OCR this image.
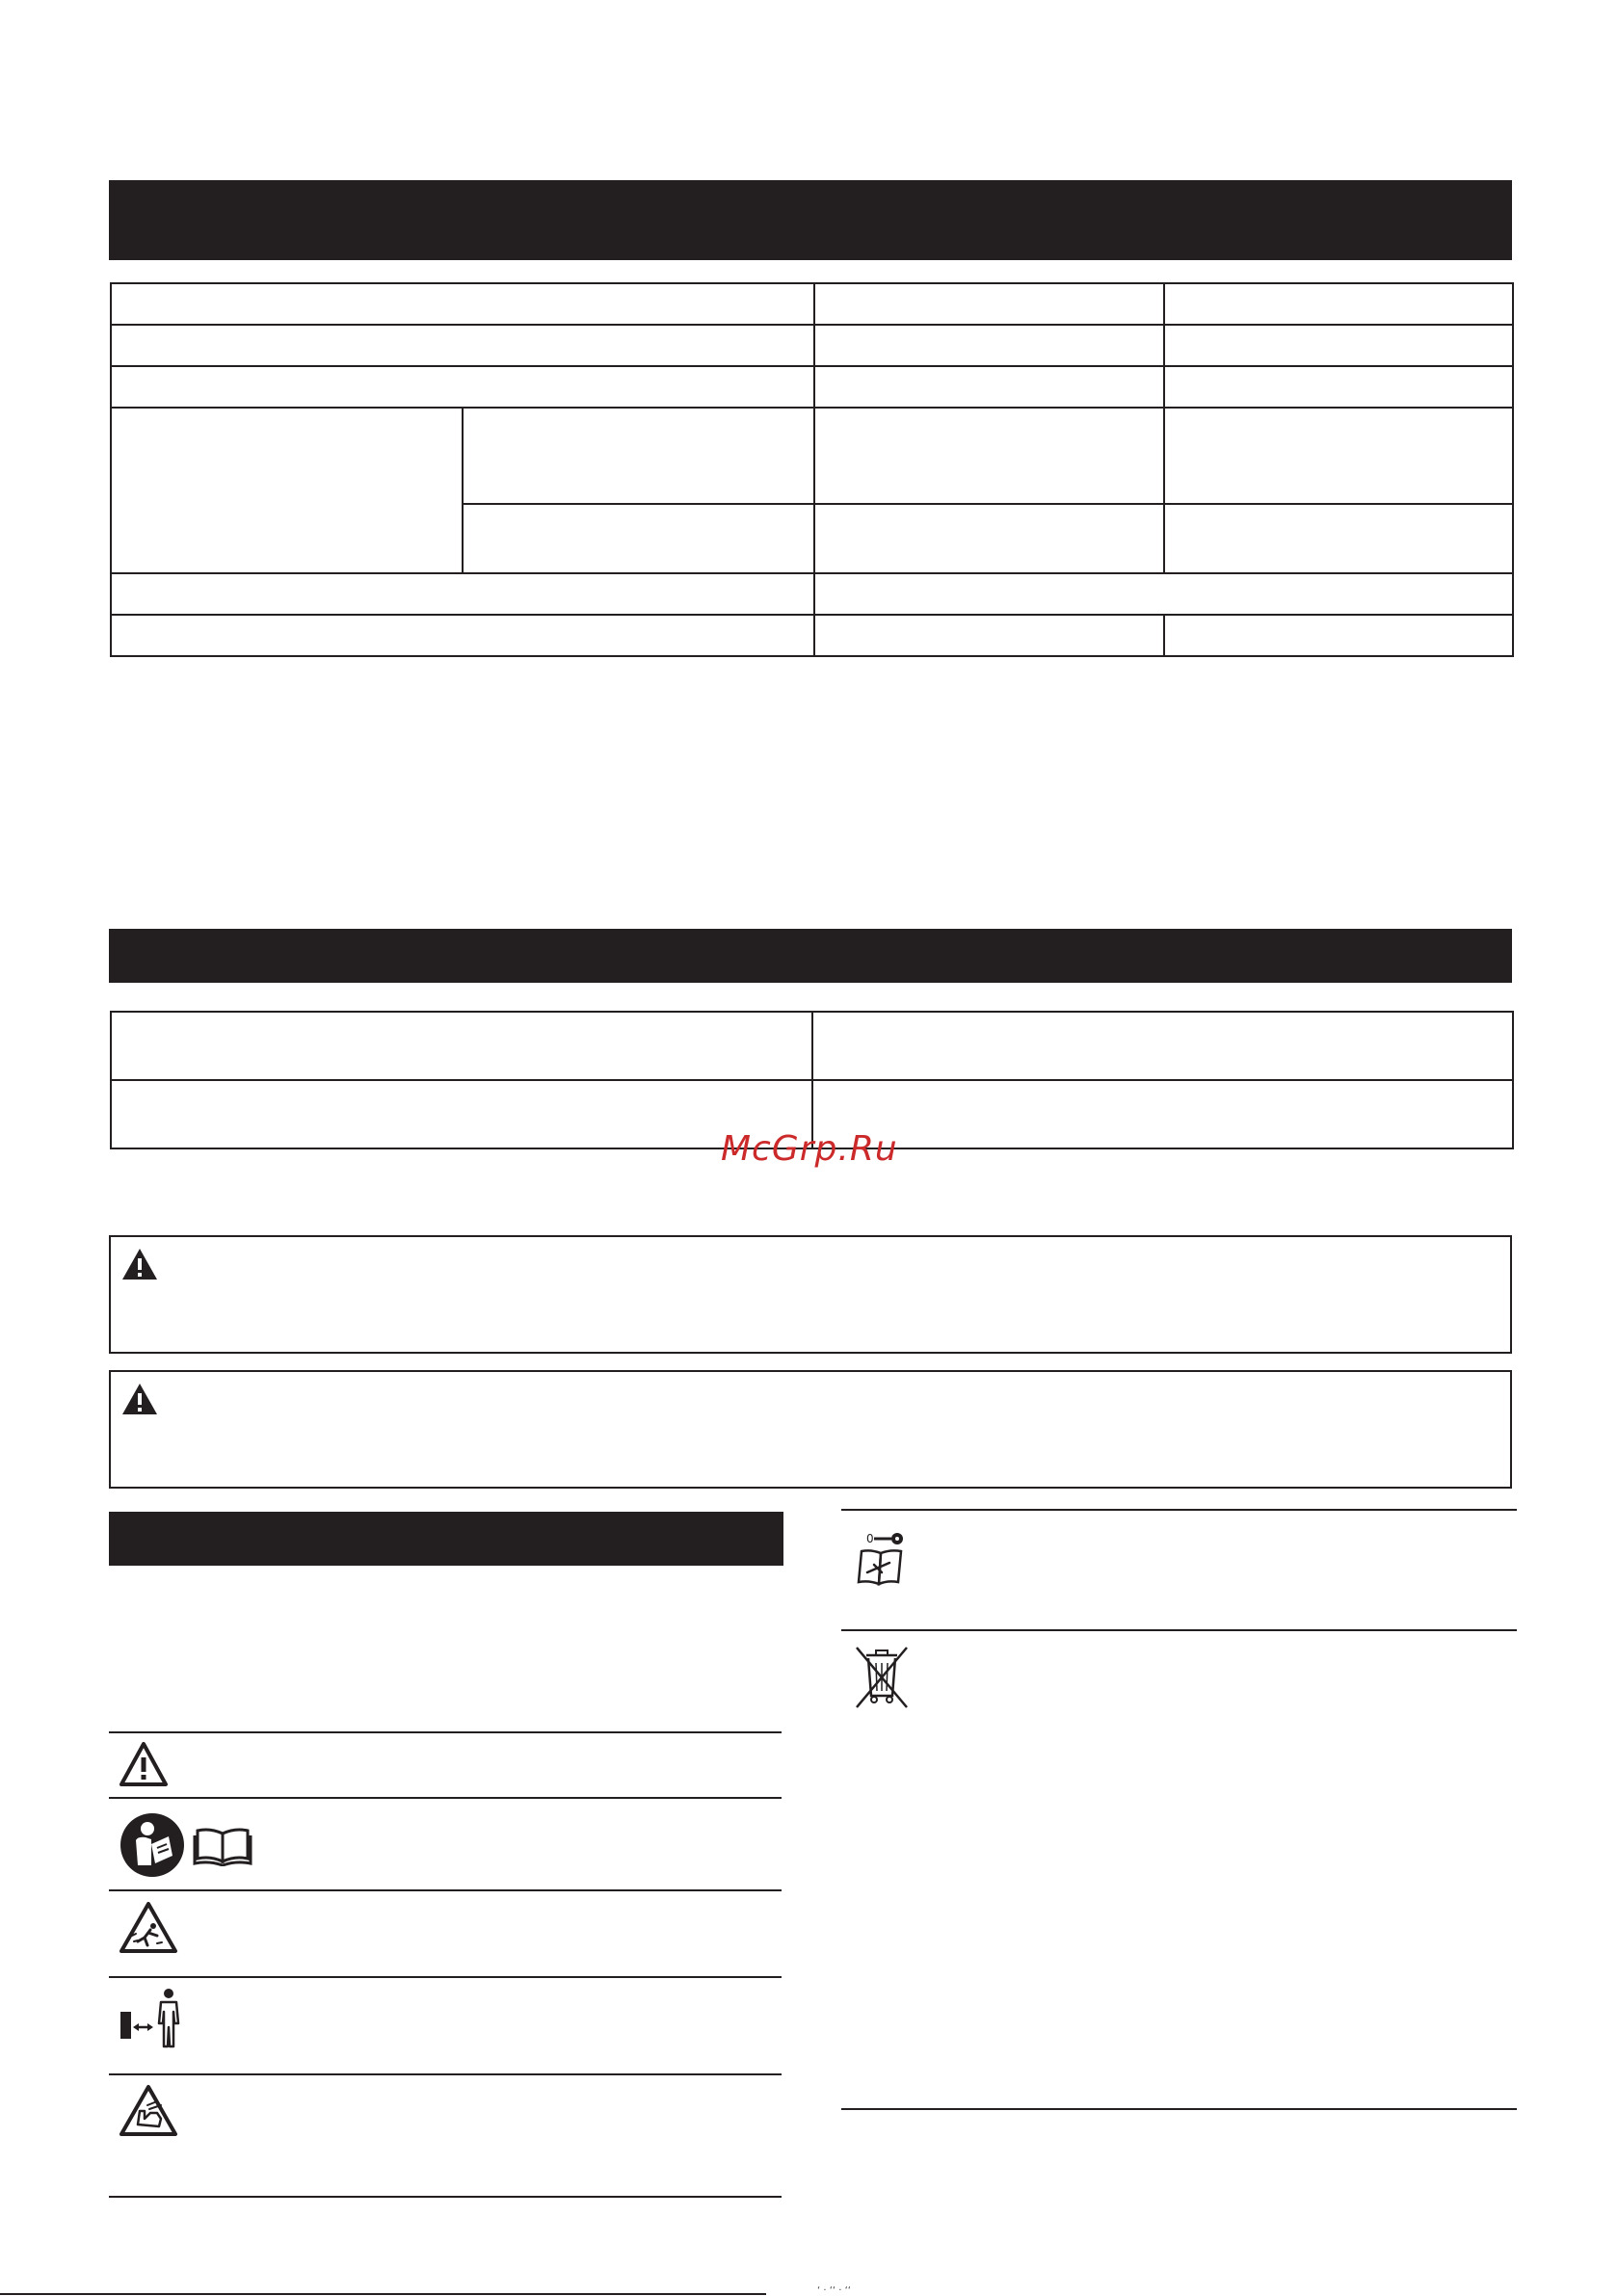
McGrp.Ru
0
‘ · ‘‘ · ‘‘
